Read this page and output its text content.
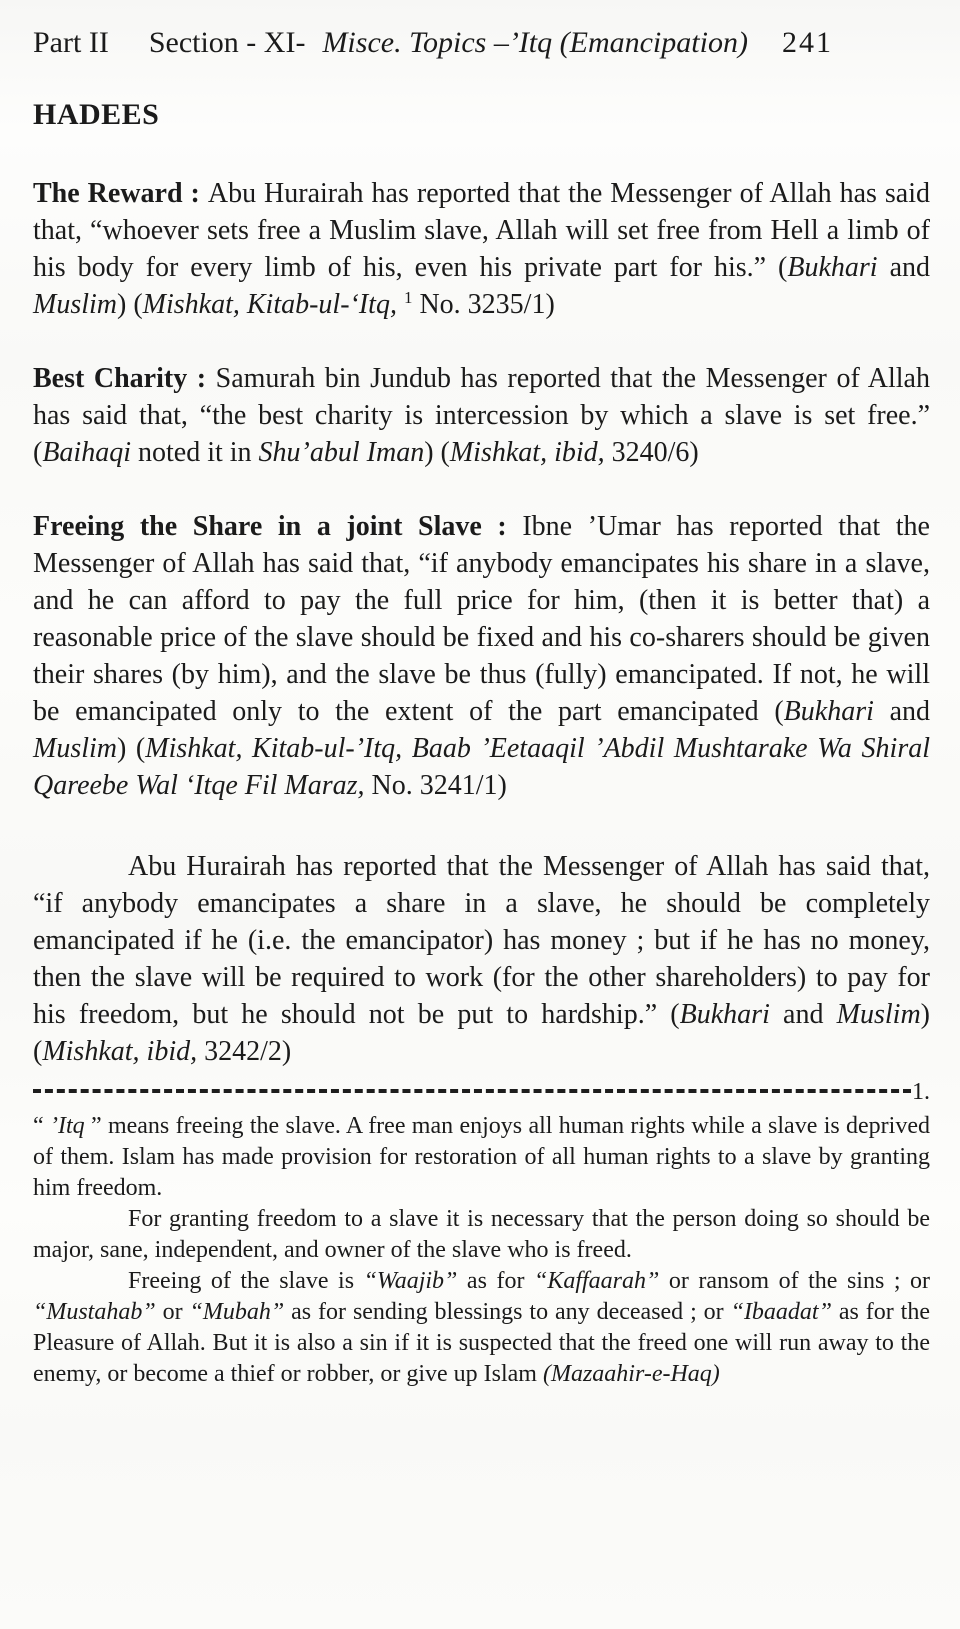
Part II Section - XI- Misce. Topics –’Itq (Emancipation) 241
HADEES

The Reward : Abu Hurairah has reported that the Messenger of Allah has said that, “whoever sets free a Muslim slave, Allah will set free from Hell a limb of his body for every limb of his, even his private part for his.” (Bukhari and Muslim) (Mishkat, Kitab-ul-‘Itq, $^1$ No. 3235/1)

Best Charity : Samurah bin Jundub has reported that the Messenger of Allah has said that, “the best charity is intercession by which a slave is set free.” (Baihaqi noted it in Shu’abul Iman) (Mishkat, ibid, 3240/6)

Freeing the Share in a joint Slave : Ibne ’Umar has reported that the Messenger of Allah has said that, “if anybody emancipates his share in a slave, and he can afford to pay the full price for him, (then it is better that) a reasonable price of the slave should be fixed and his co-sharers should be given their shares (by him), and the slave be thus (fully) emancipated. If not, he will be emancipated only to the extent of the part emancipated (Bukhari and Muslim) (Mishkat, Kitab-ul-’Itq, Baab ’Eetaaqil ’Abdil Mushtarake Wa Shiral Qareebe Wal ‘Itqe Fil Maraz, No. 3241/1)

Abu Hurairah has reported that the Messenger of Allah has said that, “if anybody emancipates a share in a slave, he should be completely emancipated if he (i.e. the emancipator) has money ; but if he has no money, then the slave will be required to work (for the other shareholders) to pay for his freedom, but he should not be put to hardship.” (Bukhari and Muslim) (Mishkat, ibid, 3242/2)

1.

“ ’Itq ” means freeing the slave. A free man enjoys all human rights while a slave is deprived of them. Islam has made provision for restoration of all human rights to a slave by granting him freedom.

For granting freedom to a slave it is necessary that the person doing so should be major, sane, independent, and owner of the slave who is freed.

Freeing of the slave is “Waajib” as for “Kaffaarah” or ransom of the sins ; or “Mustahab” or “Mubah” as for sending blessings to any deceased ; or “Ibaadat” as for the Pleasure of Allah. But it is also a sin if it is suspected that the freed one will run away to the enemy, or become a thief or robber, or give up Islam (Mazaahir-e-Haq)
